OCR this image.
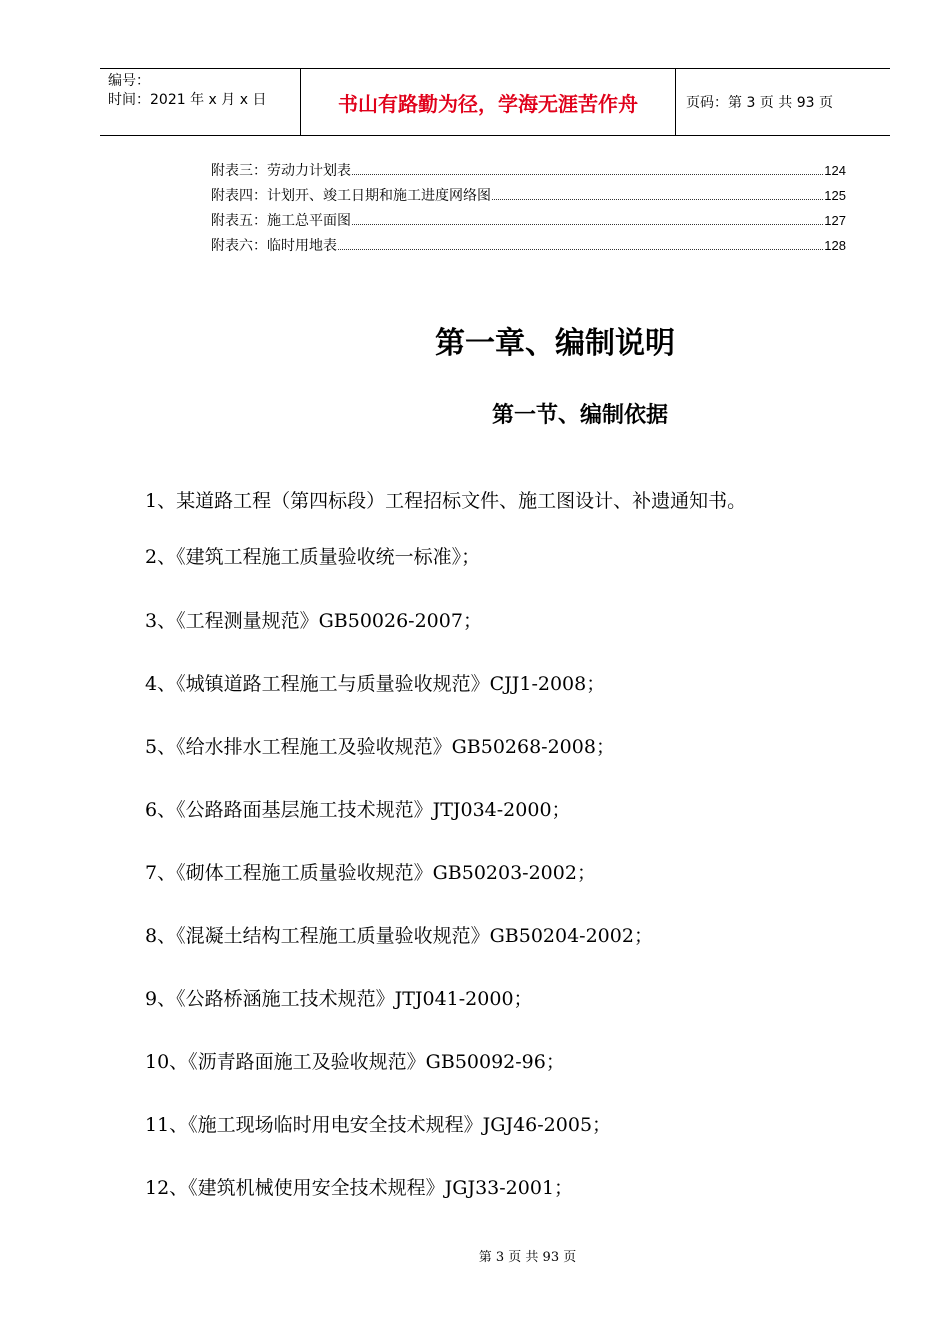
编号：
时间：2021 年 x 月 x 日	书山有路勤为径，学海无涯苦作舟	页码：第 3 页 共 93 页
附表三：劳动力计划表	124
附表四：计划开、竣工日期和施工进度网络图	125
附表五：施工总平面图	127
附表六：临时用地表	128
第一章、编制说明
第一节、编制依据
1、某道路工程（第四标段）工程招标文件、施工图设计、补遗通知书。
2、《建筑工程施工质量验收统一标准》；
3、《工程测量规范》GB50026-2007；
4、《城镇道路工程施工与质量验收规范》CJJ1-2008；
5、《给水排水工程施工及验收规范》GB50268-2008；
6、《公路路面基层施工技术规范》JTJ034-2000；
7、《砌体工程施工质量验收规范》GB50203-2002；
8、《混凝土结构工程施工质量验收规范》GB50204-2002；
9、《公路桥涵施工技术规范》JTJ041-2000；
10、《沥青路面施工及验收规范》GB50092-96；
11、《施工现场临时用电安全技术规程》JGJ46-2005；
12、《建筑机械使用安全技术规程》JGJ33-2001；
第 3 页 共 93 页
